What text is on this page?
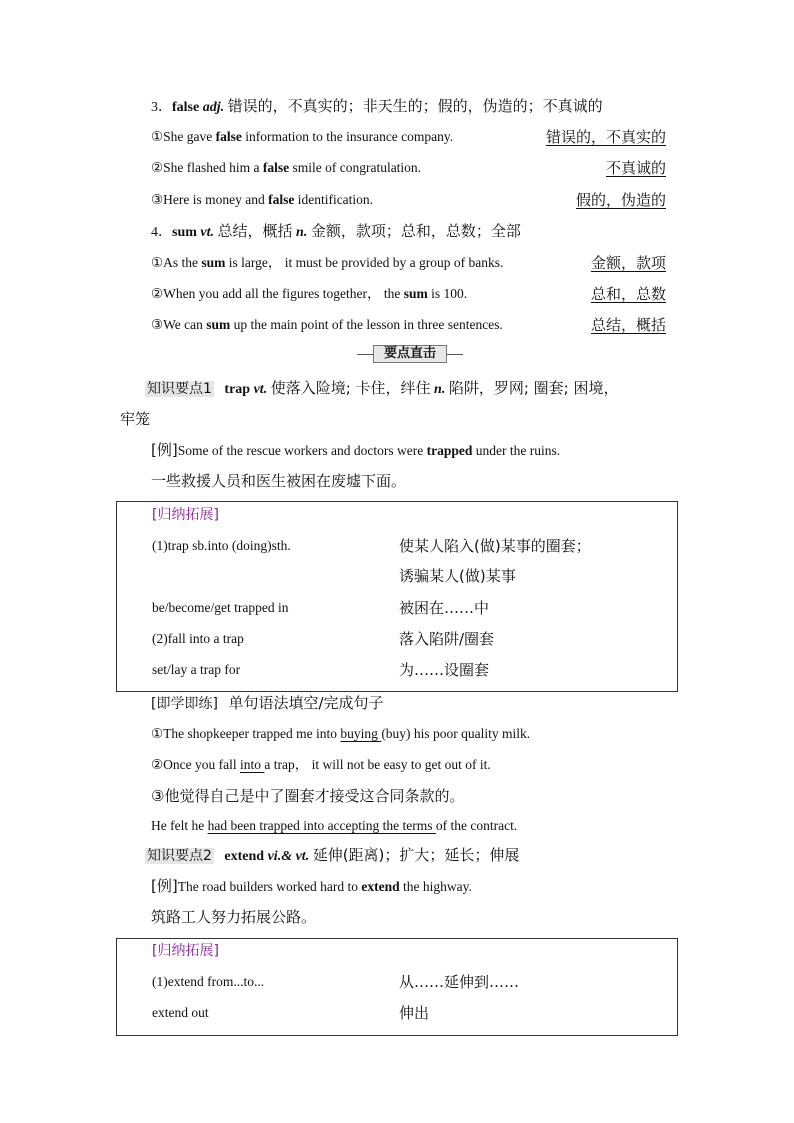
3．false adj. 错误的，不真实的；非天生的；假的，伪造的；不真诚的
①She gave false information to the insurance company.	错误的，不真实的
②She flashed him a false smile of congratulation.	不真诚的
③Here is money and false identification.	假的，伪造的
4．sum vt. 总结，概括 n. 金额，款项；总和，总数；全部
①As the sum is large， it must be provided by a group of banks.	金额，款项
②When you add all the figures together， the sum is 100.	总和，总数
③We can sum up the main point of the lesson in three sentences.	总结，概括
要点直击
知识要点1 trap vt. 使落入险境; 卡住，绊住 n. 陷阱，罗网; 圈套; 困境，
牢笼
[例]Some of the rescue workers and doctors were trapped under the ruins.
一些救援人员和医生被困在废墟下面。
[归纳拓展]
(1)trap sb.into (doing)sth.	使某人陷入(做)某事的圈套；
诱骗某人(做)某事
be/become/get trapped in	被困在……中
(2)fall into a trap	落入陷阱/圈套
set/lay a trap for	为……设圈套
[即学即练] 单句语法填空/完成句子
①The shopkeeper trapped me into buying (buy) his poor quality milk.
②Once you fall into a trap， it will not be easy to get out of it.
③他觉得自己是中了圈套才接受这合同条款的。
He felt he had been trapped into accepting the terms of the contract.
知识要点2 extend vi.& vt. 延伸(距离)；扩大；延长；伸展
[例]The road builders worked hard to extend the highway.
筑路工人努力拓展公路。
[归纳拓展]
(1)extend from...to...	从……延伸到……
extend out	伸出
